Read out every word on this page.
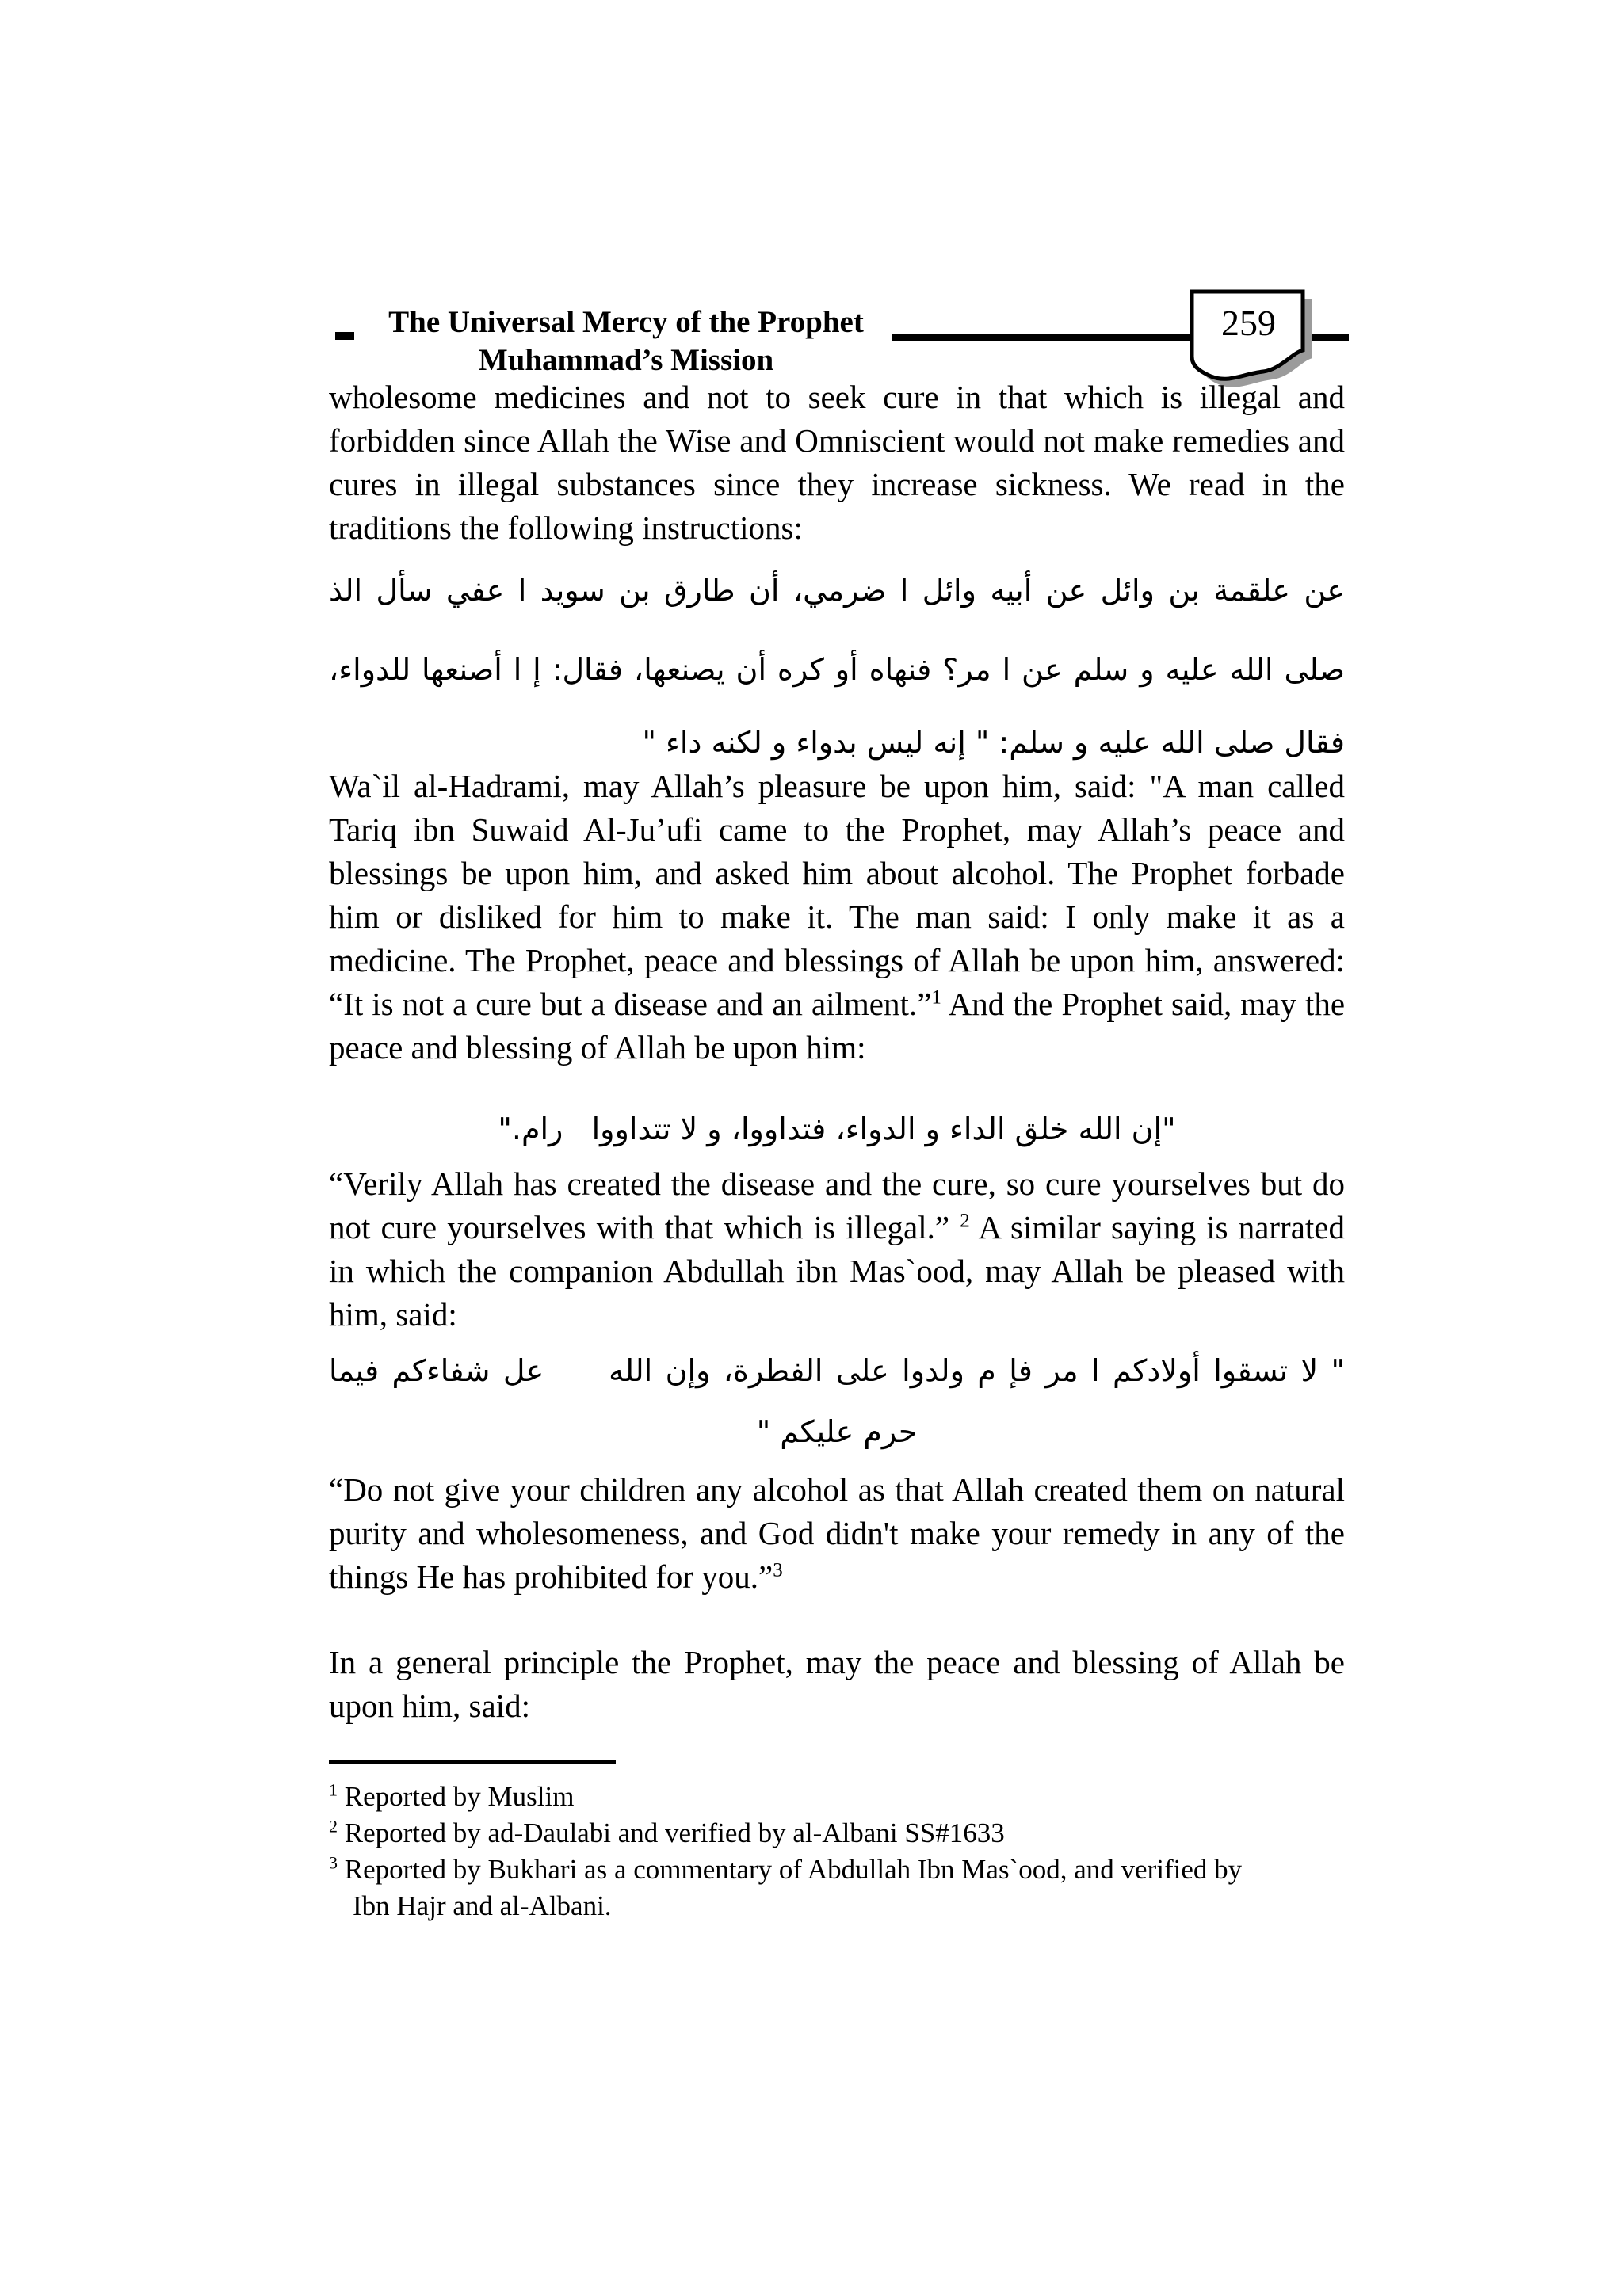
The Universal Mercy of the Prophet
Muhammad’s Mission
259
wholesome medicines and not to seek cure in that which is illegal and forbidden since Allah the Wise and Omniscient would not make remedies and cures in illegal substances since they increase sickness. We read in the traditions the following instructions:
عن علقمة بن وائل عن أبيه وائل ا ضرمي، أن طارق بن سويد ا عفي سأل الذ
صلى الله عليه و سلم عن ا مر؟ فنهاه أو كره أن يصنعها، فقال: إ ا أصنعها للدواء،
فقال صلى الله عليه و سلم: " إنه ليس بدواء و لكنه داء "
Wa`il al-Hadrami, may Allah’s pleasure be upon him, said: "A man called Tariq ibn Suwaid Al-Ju’ufi came to the Prophet, may Allah’s peace and blessings be upon him, and asked him about alcohol. The Prophet forbade him or disliked for him to make it. The man said: I only make it as a medicine. The Prophet, peace and blessings of Allah be upon him, answered: “It is not a cure but a disease and an ailment.”$^1$ And the Prophet said, may the peace and blessing of Allah be upon him:
"إن الله خلق الداء و الدواء، فتداووا، و لا تتداووا   رام."
“Verily Allah has created the disease and the cure, so cure yourselves but do not cure yourselves with that which is illegal.” $^2$ A similar saying is narrated in which the companion Abdullah ibn Mas`ood, may Allah be pleased with him, said:
" لا تسقوا أولادكم ا مر فإ م ولدوا على الفطرة، وإن الله     عل شفاءكم فيما
حرم عليكم "
“Do not give your children any alcohol as that Allah created them on natural purity and wholesomeness, and God didn't make your remedy in any of the things He has prohibited for you.”$^3$
In a general principle the Prophet, may the peace and blessing of Allah be upon him, said:
$^1$ Reported by Muslim
$^2$ Reported by ad-Daulabi and verified by al-Albani SS#1633
$^3$ Reported by Bukhari as a commentary of Abdullah Ibn Mas`ood, and verified by
Ibn Hajr and al-Albani.
